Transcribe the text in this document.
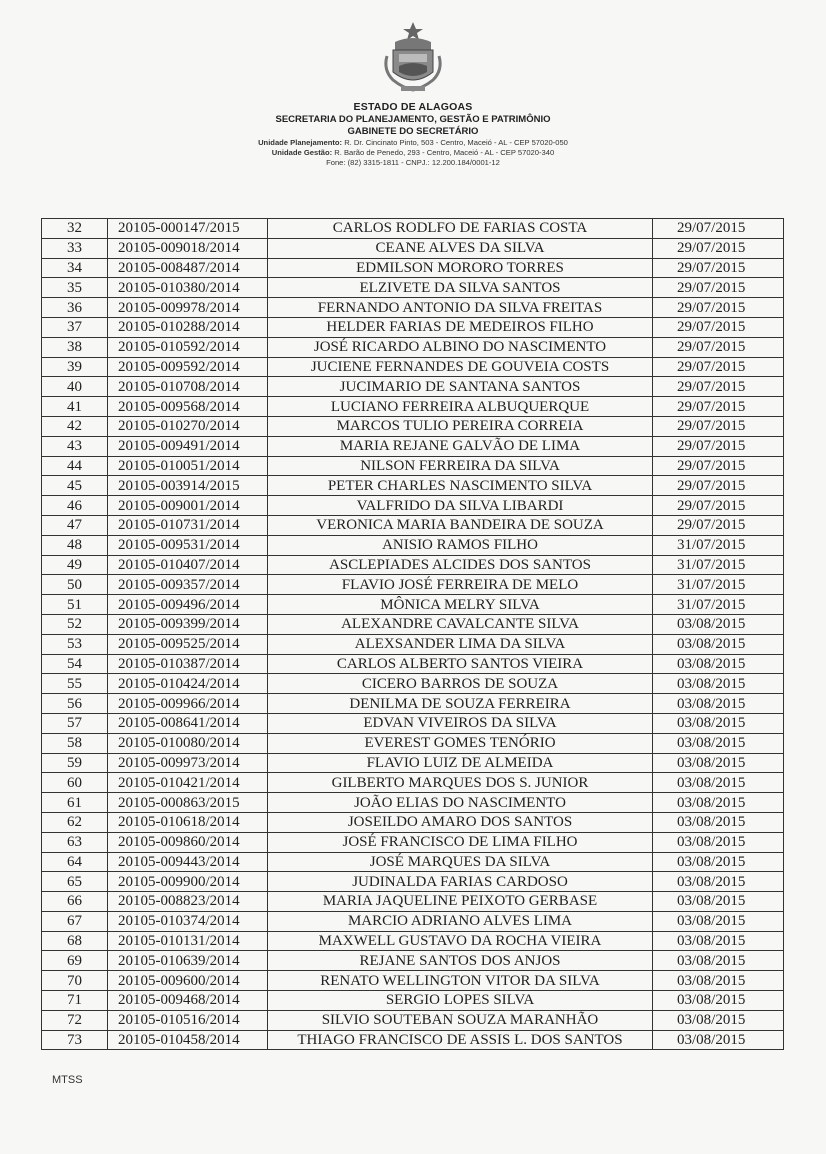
ESTADO DE ALAGOAS
SECRETARIA DO PLANEJAMENTO, GESTÃO E PATRIMÔNIO
GABINETE DO SECRETÁRIO
Unidade Planejamento: R. Dr. Cincinato Pinto, 503 - Centro, Maceió - AL - CEP 57020-050
Unidade Gestão: R. Barão de Penedo, 293 - Centro, Maceió - AL - CEP 57020-340
Fone: (82) 3315-1811 - CNPJ.: 12.200.184/0001-12
32	20105-000147/2015	CARLOS RODLFO DE FARIAS COSTA	29/07/2015
33	20105-009018/2014	CEANE ALVES DA SILVA	29/07/2015
34	20105-008487/2014	EDMILSON MORORO TORRES	29/07/2015
35	20105-010380/2014	ELZIVETE DA SILVA SANTOS	29/07/2015
36	20105-009978/2014	FERNANDO ANTONIO DA SILVA FREITAS	29/07/2015
37	20105-010288/2014	HELDER FARIAS DE MEDEIROS FILHO	29/07/2015
38	20105-010592/2014	JOSÉ RICARDO ALBINO DO NASCIMENTO	29/07/2015
39	20105-009592/2014	JUCIENE FERNANDES DE GOUVEIA COSTS	29/07/2015
40	20105-010708/2014	JUCIMARIO DE SANTANA SANTOS	29/07/2015
41	20105-009568/2014	LUCIANO FERREIRA ALBUQUERQUE	29/07/2015
42	20105-010270/2014	MARCOS TULIO PEREIRA CORREIA	29/07/2015
43	20105-009491/2014	MARIA REJANE GALVÃO DE LIMA	29/07/2015
44	20105-010051/2014	NILSON FERREIRA DA SILVA	29/07/2015
45	20105-003914/2015	PETER CHARLES NASCIMENTO SILVA	29/07/2015
46	20105-009001/2014	VALFRIDO DA SILVA LIBARDI	29/07/2015
47	20105-010731/2014	VERONICA MARIA BANDEIRA DE SOUZA	29/07/2015
48	20105-009531/2014	ANISIO RAMOS FILHO	31/07/2015
49	20105-010407/2014	ASCLEPIADES ALCIDES DOS SANTOS	31/07/2015
50	20105-009357/2014	FLAVIO JOSÉ FERREIRA DE MELO	31/07/2015
51	20105-009496/2014	MÔNICA MELRY SILVA	31/07/2015
52	20105-009399/2014	ALEXANDRE CAVALCANTE SILVA	03/08/2015
53	20105-009525/2014	ALEXSANDER LIMA DA SILVA	03/08/2015
54	20105-010387/2014	CARLOS ALBERTO SANTOS VIEIRA	03/08/2015
55	20105-010424/2014	CICERO BARROS DE SOUZA	03/08/2015
56	20105-009966/2014	DENILMA DE SOUZA FERREIRA	03/08/2015
57	20105-008641/2014	EDVAN VIVEIROS DA SILVA	03/08/2015
58	20105-010080/2014	EVEREST GOMES TENÓRIO	03/08/2015
59	20105-009973/2014	FLAVIO LUIZ DE ALMEIDA	03/08/2015
60	20105-010421/2014	GILBERTO MARQUES DOS S. JUNIOR	03/08/2015
61	20105-000863/2015	JOÃO ELIAS DO NASCIMENTO	03/08/2015
62	20105-010618/2014	JOSEILDO AMARO DOS SANTOS	03/08/2015
63	20105-009860/2014	JOSÉ FRANCISCO DE LIMA FILHO	03/08/2015
64	20105-009443/2014	JOSÉ MARQUES DA SILVA	03/08/2015
65	20105-009900/2014	JUDINALDA FARIAS CARDOSO	03/08/2015
66	20105-008823/2014	MARIA JAQUELINE PEIXOTO GERBASE	03/08/2015
67	20105-010374/2014	MARCIO ADRIANO ALVES LIMA	03/08/2015
68	20105-010131/2014	MAXWELL GUSTAVO DA ROCHA VIEIRA	03/08/2015
69	20105-010639/2014	REJANE SANTOS DOS ANJOS	03/08/2015
70	20105-009600/2014	RENATO WELLINGTON VITOR DA SILVA	03/08/2015
71	20105-009468/2014	SERGIO LOPES SILVA	03/08/2015
72	20105-010516/2014	SILVIO SOUTEBAN SOUZA MARANHÃO	03/08/2015
73	20105-010458/2014	THIAGO FRANCISCO DE ASSIS L. DOS SANTOS	03/08/2015
MTSS
